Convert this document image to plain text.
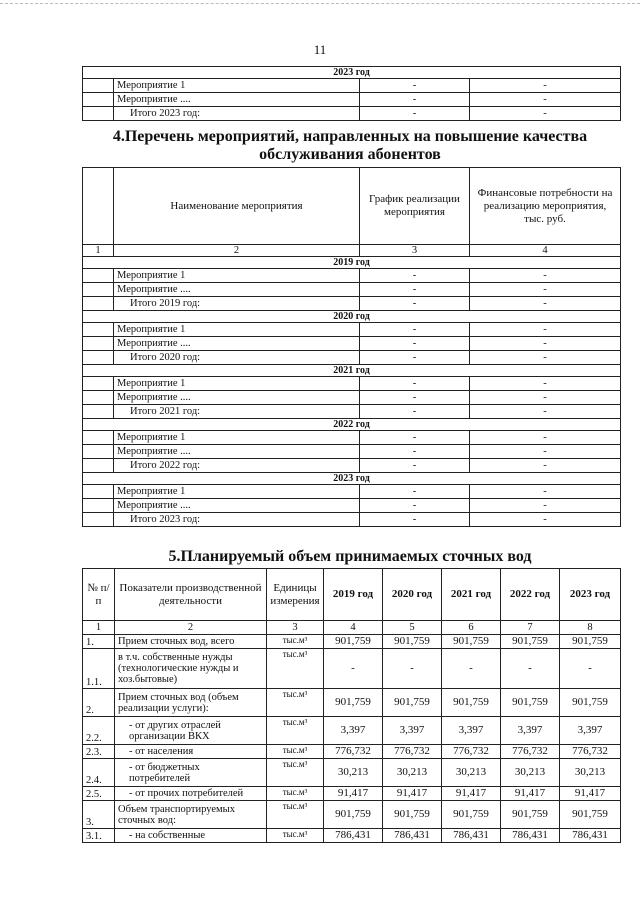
11
2023 год			
	Мероприятие 1	-	-
	Мероприятие ....	-	-
	Итого 2023 год:	-	-
4.Перечень мероприятий, направленных на повышение качества
обслуживания абонентов
	Наименование мероприятия	График реализации мероприятия	Финансовые потребности на реализацию мероприятия, тыс. руб.
1	2	3	4
2019 год			
	Мероприятие 1	-	-
	Мероприятие ....	-	-
	Итого 2019 год:	-	-
2020 год			
	Мероприятие 1	-	-
	Мероприятие ....	-	-
	Итого 2020 год:	-	-
2021 год			
	Мероприятие 1	-	-
	Мероприятие ....	-	-
	Итого 2021 год:	-	-
2022 год			
	Мероприятие 1	-	-
	Мероприятие ....	-	-
	Итого 2022 год:	-	-
2023 год			
	Мероприятие 1	-	-
	Мероприятие ....	-	-
	Итого 2023 год:	-	-
5.Планируемый объем принимаемых сточных вод
№ п/п	Показатели производственной деятельности	Единицы измерения	2019 год	2020 год	2021 год	2022 год	2023 год
1	2	3	4	5	6	7	8
1.	Прием сточных вод, всего	тыс.м³	901,759	901,759	901,759	901,759	901,759
1.1.	в т.ч. собственные нужды (технологические нужды и хоз.бытовые)	тыс.м³	-	-	-	-	-
2.	Прием сточных вод (объем реализации услуги):	тыс.м³	901,759	901,759	901,759	901,759	901,759
2.2.	- от других отраслей организации ВКХ	тыс.м³	3,397	3,397	3,397	3,397	3,397
2.3.	- от населения	тыс.м³	776,732	776,732	776,732	776,732	776,732
2.4.	- от бюджетных потребителей	тыс.м³	30,213	30,213	30,213	30,213	30,213
2.5.	- от прочих потребителей	тыс.м³	91,417	91,417	91,417	91,417	91,417
3.	Объем транспортируемых сточных вод:	тыс.м³	901,759	901,759	901,759	901,759	901,759
3.1.	- на собственные	тыс.м³	786,431	786,431	786,431	786,431	786,431
